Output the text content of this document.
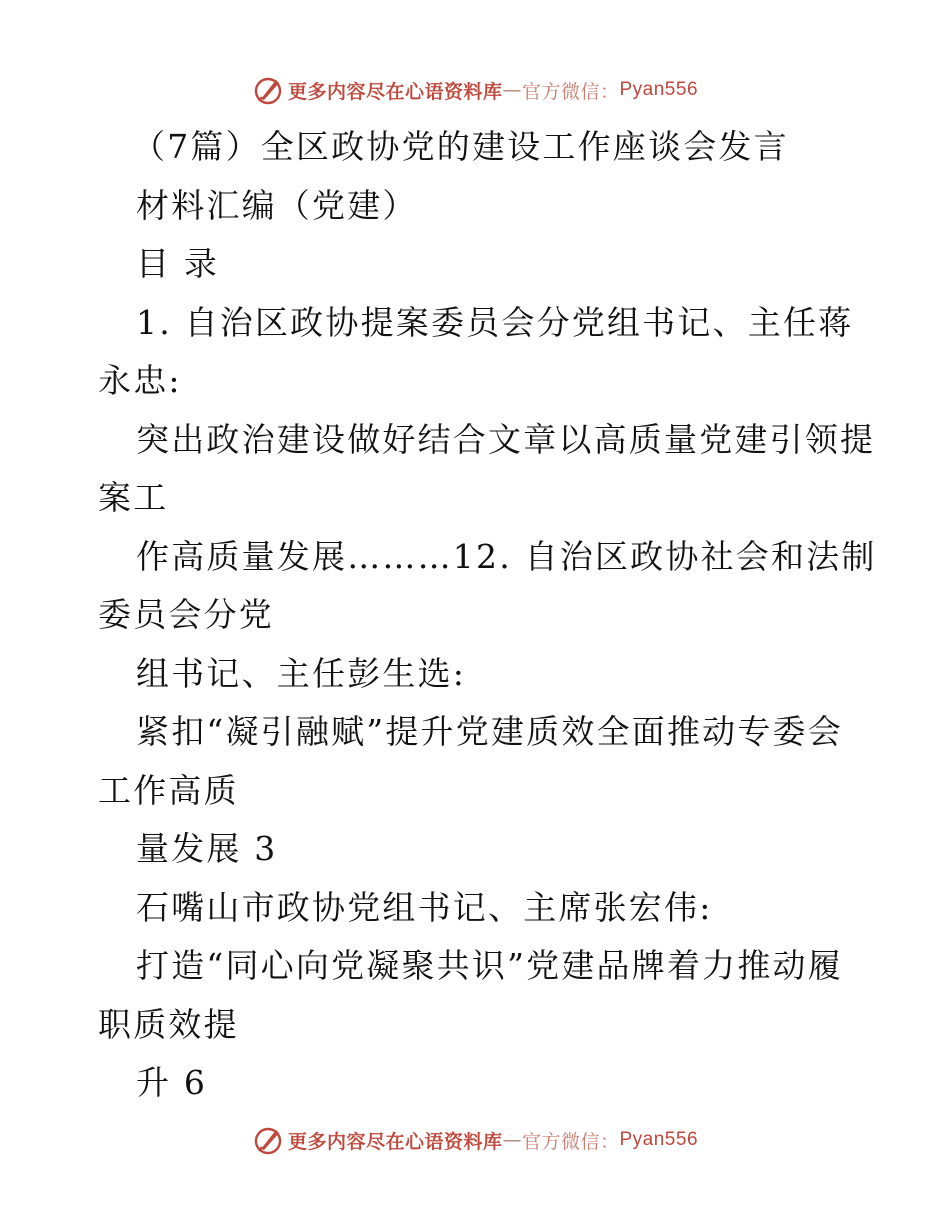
更多内容尽在心语资料库 — 官方微信： Pyan556
（7篇）全区政协党的建设工作座谈会发言
材料汇编（党建）
目 录
1. 自治区政协提案委员会分党组书记、主任蒋
永忠:
突出政治建设做好结合文章以高质量党建引领提
案工
作高质量发展………12. 自治区政协社会和法制
委员会分党
组书记、主任彭生选:
紧扣“凝引融赋”提升党建质效全面推动专委会
工作高质
量发展 3
石嘴山市政协党组书记、主席张宏伟:
打造“同心向党凝聚共识”党建品牌着力推动履
职质效提
升 6
更多内容尽在心语资料库 — 官方微信： Pyan556
